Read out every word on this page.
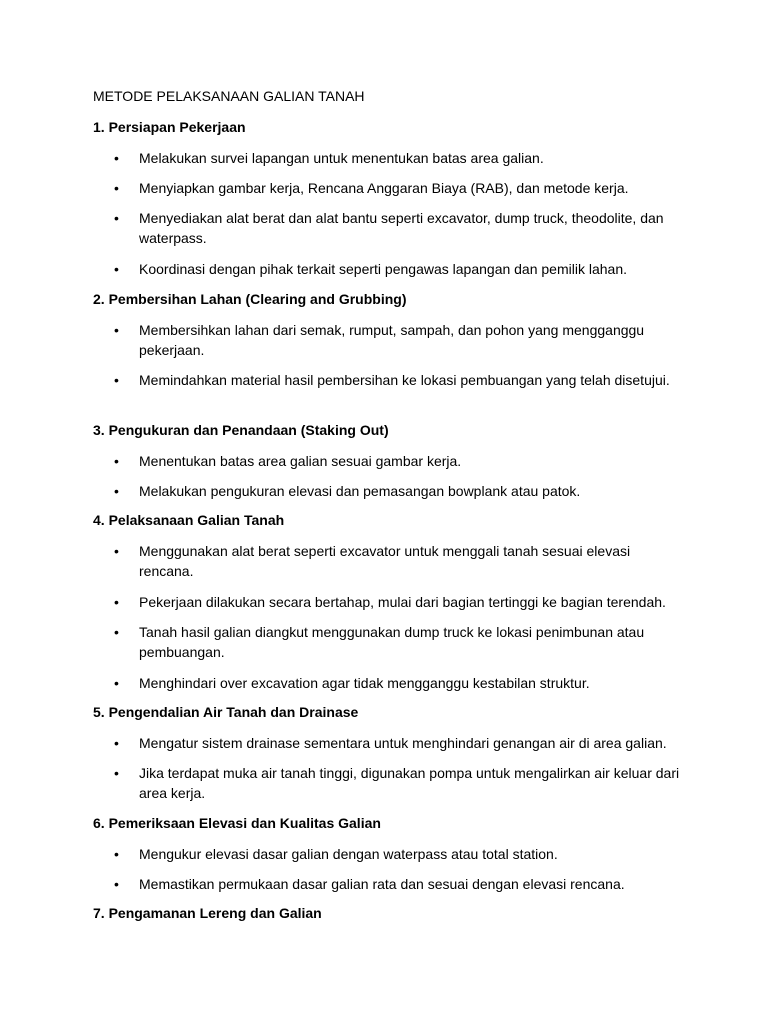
METODE PELAKSANAAN GALIAN TANAH
1. Persiapan Pekerjaan
• Melakukan survei lapangan untuk menentukan batas area galian.
• Menyiapkan gambar kerja, Rencana Anggaran Biaya (RAB), dan metode kerja.
• Menyediakan alat berat dan alat bantu seperti excavator, dump truck, theodolite, dan waterpass.
• Koordinasi dengan pihak terkait seperti pengawas lapangan dan pemilik lahan.
2. Pembersihan Lahan (Clearing and Grubbing)
• Membersihkan lahan dari semak, rumput, sampah, dan pohon yang mengganggu pekerjaan.
• Memindahkan material hasil pembersihan ke lokasi pembuangan yang telah disetujui.
3. Pengukuran dan Penandaan (Staking Out)
• Menentukan batas area galian sesuai gambar kerja.
• Melakukan pengukuran elevasi dan pemasangan bowplank atau patok.
4. Pelaksanaan Galian Tanah
• Menggunakan alat berat seperti excavator untuk menggali tanah sesuai elevasi rencana.
• Pekerjaan dilakukan secara bertahap, mulai dari bagian tertinggi ke bagian terendah.
• Tanah hasil galian diangkut menggunakan dump truck ke lokasi penimbunan atau pembuangan.
• Menghindari over excavation agar tidak mengganggu kestabilan struktur.
5. Pengendalian Air Tanah dan Drainase
• Mengatur sistem drainase sementara untuk menghindari genangan air di area galian.
• Jika terdapat muka air tanah tinggi, digunakan pompa untuk mengalirkan air keluar dari area kerja.
6. Pemeriksaan Elevasi dan Kualitas Galian
• Mengukur elevasi dasar galian dengan waterpass atau total station.
• Memastikan permukaan dasar galian rata dan sesuai dengan elevasi rencana.
7. Pengamanan Lereng dan Galian
